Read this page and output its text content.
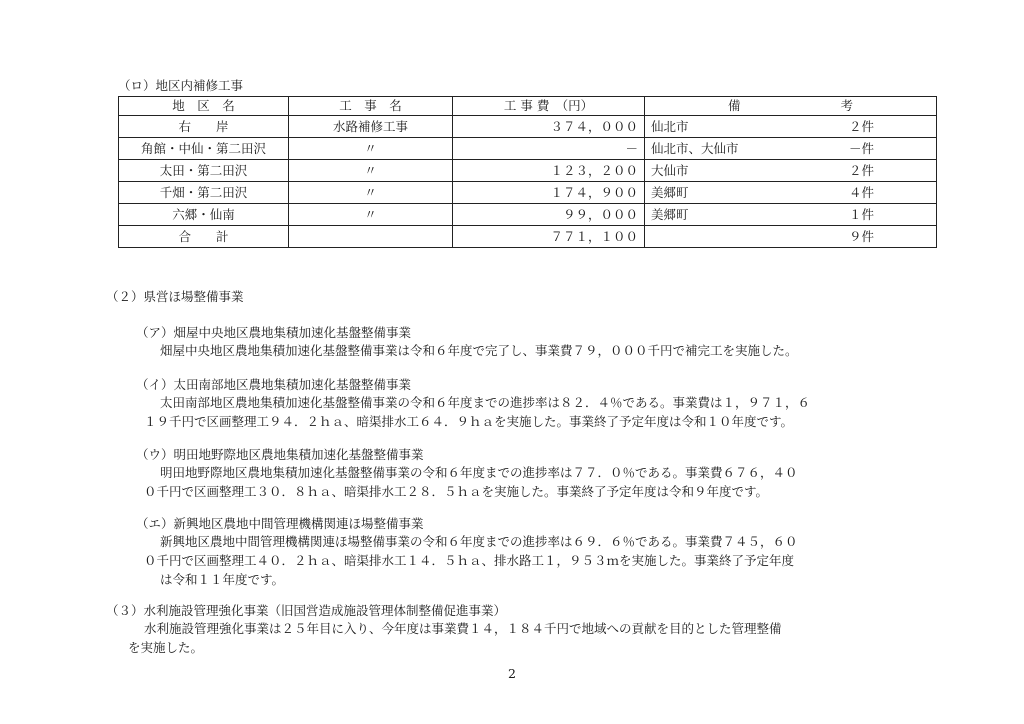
（ロ）地区内補修工事
地　区　名	工　事　名	工 事 費　（円）	備　　　　　　　　考
右　　岸	水路補修工事	３７４，０００	仙北市 ２件

角館・中仙・第二田沢	〃	－	仙北市、大仙市 －件

太田・第二田沢	〃	１２３，２００	大仙市 ２件

千畑・第二田沢	〃	１７４，９００	美郷町 ４件

六郷・仙南	〃	９９，０００	美郷町 １件

合　　計		７７１，１００	９件
（２）県営ほ場整備事業
（ア）畑屋中央地区農地集積加速化基盤整備事業
畑屋中央地区農地集積加速化基盤整備事業は令和６年度で完了し、事業費７９，０００千円で補完工を実施した。
（イ）太田南部地区農地集積加速化基盤整備事業
太田南部地区農地集積加速化基盤整備事業の令和６年度までの進捗率は８２．４％である。事業費は１，９７１，６
１９千円で区画整理工９４．２ｈａ、暗渠排水工６４．９ｈａを実施した。事業終了予定年度は令和１０年度です。
（ウ）明田地野際地区農地集積加速化基盤整備事業
明田地野際地区農地集積加速化基盤整備事業の令和６年度までの進捗率は７７．０％である。事業費６７６，４０
０千円で区画整理工３０．８ｈａ、暗渠排水工２８．５ｈａを実施した。事業終了予定年度は令和９年度です。
（エ）新興地区農地中間管理機構関連ほ場整備事業
新興地区農地中間管理機構関連ほ場整備事業の令和６年度までの進捗率は６９．６％である。事業費７４５，６０
０千円で区画整理工４０．２ｈａ、暗渠排水工１４．５ｈａ、排水路工１，９５３ｍを実施した。事業終了予定年度
は令和１１年度です。
（３）水利施設管理強化事業（旧国営造成施設管理体制整備促進事業）
水利施設管理強化事業は２５年目に入り、今年度は事業費１４，１８４千円で地域への貢献を目的とした管理整備
を実施した。
2
